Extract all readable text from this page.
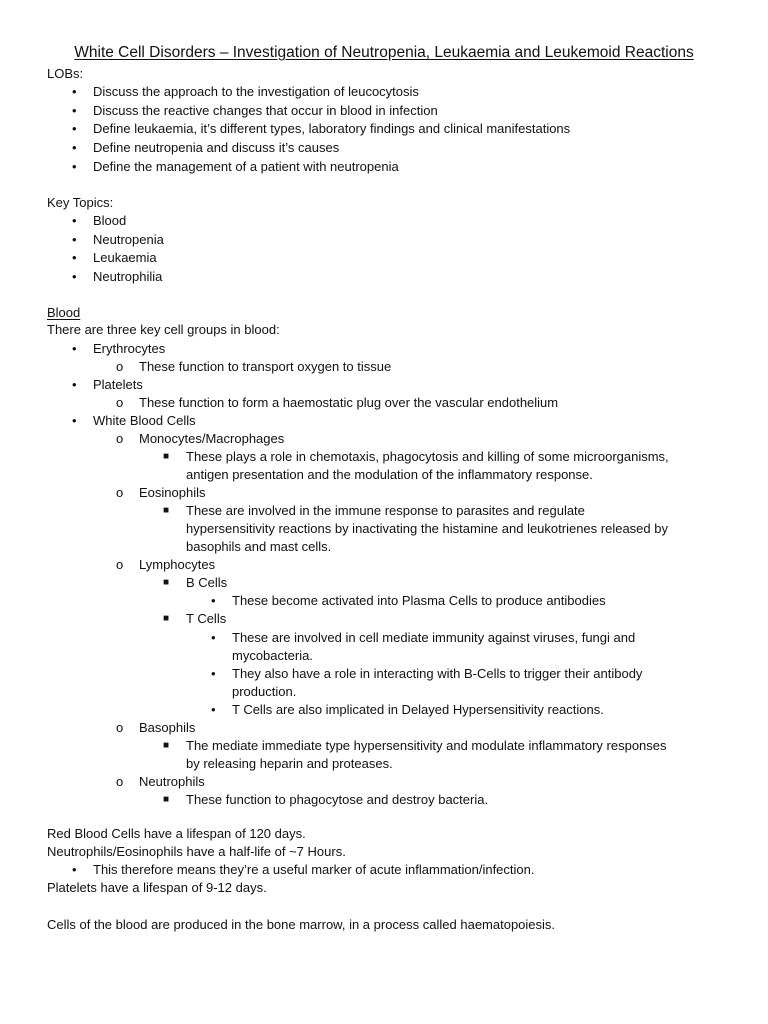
White Cell Disorders – Investigation of Neutropenia, Leukaemia and Leukemoid Reactions
LOBs:
• Discuss the approach to the investigation of leucocytosis
• Discuss the reactive changes that occur in blood in infection
• Define leukaemia, it’s different types, laboratory findings and clinical manifestations
• Define neutropenia and discuss it’s causes
• Define the management of a patient with neutropenia
Key Topics:
• Blood
• Neutropenia
• Leukaemia
• Neutrophilia
Blood
There are three key cell groups in blood:
• Erythrocytes
o These function to transport oxygen to tissue
• Platelets
o These function to form a haemostatic plug over the vascular endothelium
• White Blood Cells
o Monocytes/Macrophages
■ These plays a role in chemotaxis, phagocytosis and killing of some microorganisms,
antigen presentation and the modulation of the inflammatory response.
o Eosinophils
■ These are involved in the immune response to parasites and regulate
hypersensitivity reactions by inactivating the histamine and leukotrienes released by
basophils and mast cells.
o Lymphocytes
■ B Cells
• These become activated into Plasma Cells to produce antibodies
■ T Cells
• These are involved in cell mediate immunity against viruses, fungi and
mycobacteria.
• They also have a role in interacting with B-Cells to trigger their antibody
production.
• T Cells are also implicated in Delayed Hypersensitivity reactions.
o Basophils
■ The mediate immediate type hypersensitivity and modulate inflammatory responses
by releasing heparin and proteases.
o Neutrophils
■ These function to phagocytose and destroy bacteria.
Red Blood Cells have a lifespan of 120 days.
Neutrophils/Eosinophils have a half-life of ~7 Hours.
• This therefore means they’re a useful marker of acute inflammation/infection.
Platelets have a lifespan of 9-12 days.
Cells of the blood are produced in the bone marrow, in a process called haematopoiesis.
